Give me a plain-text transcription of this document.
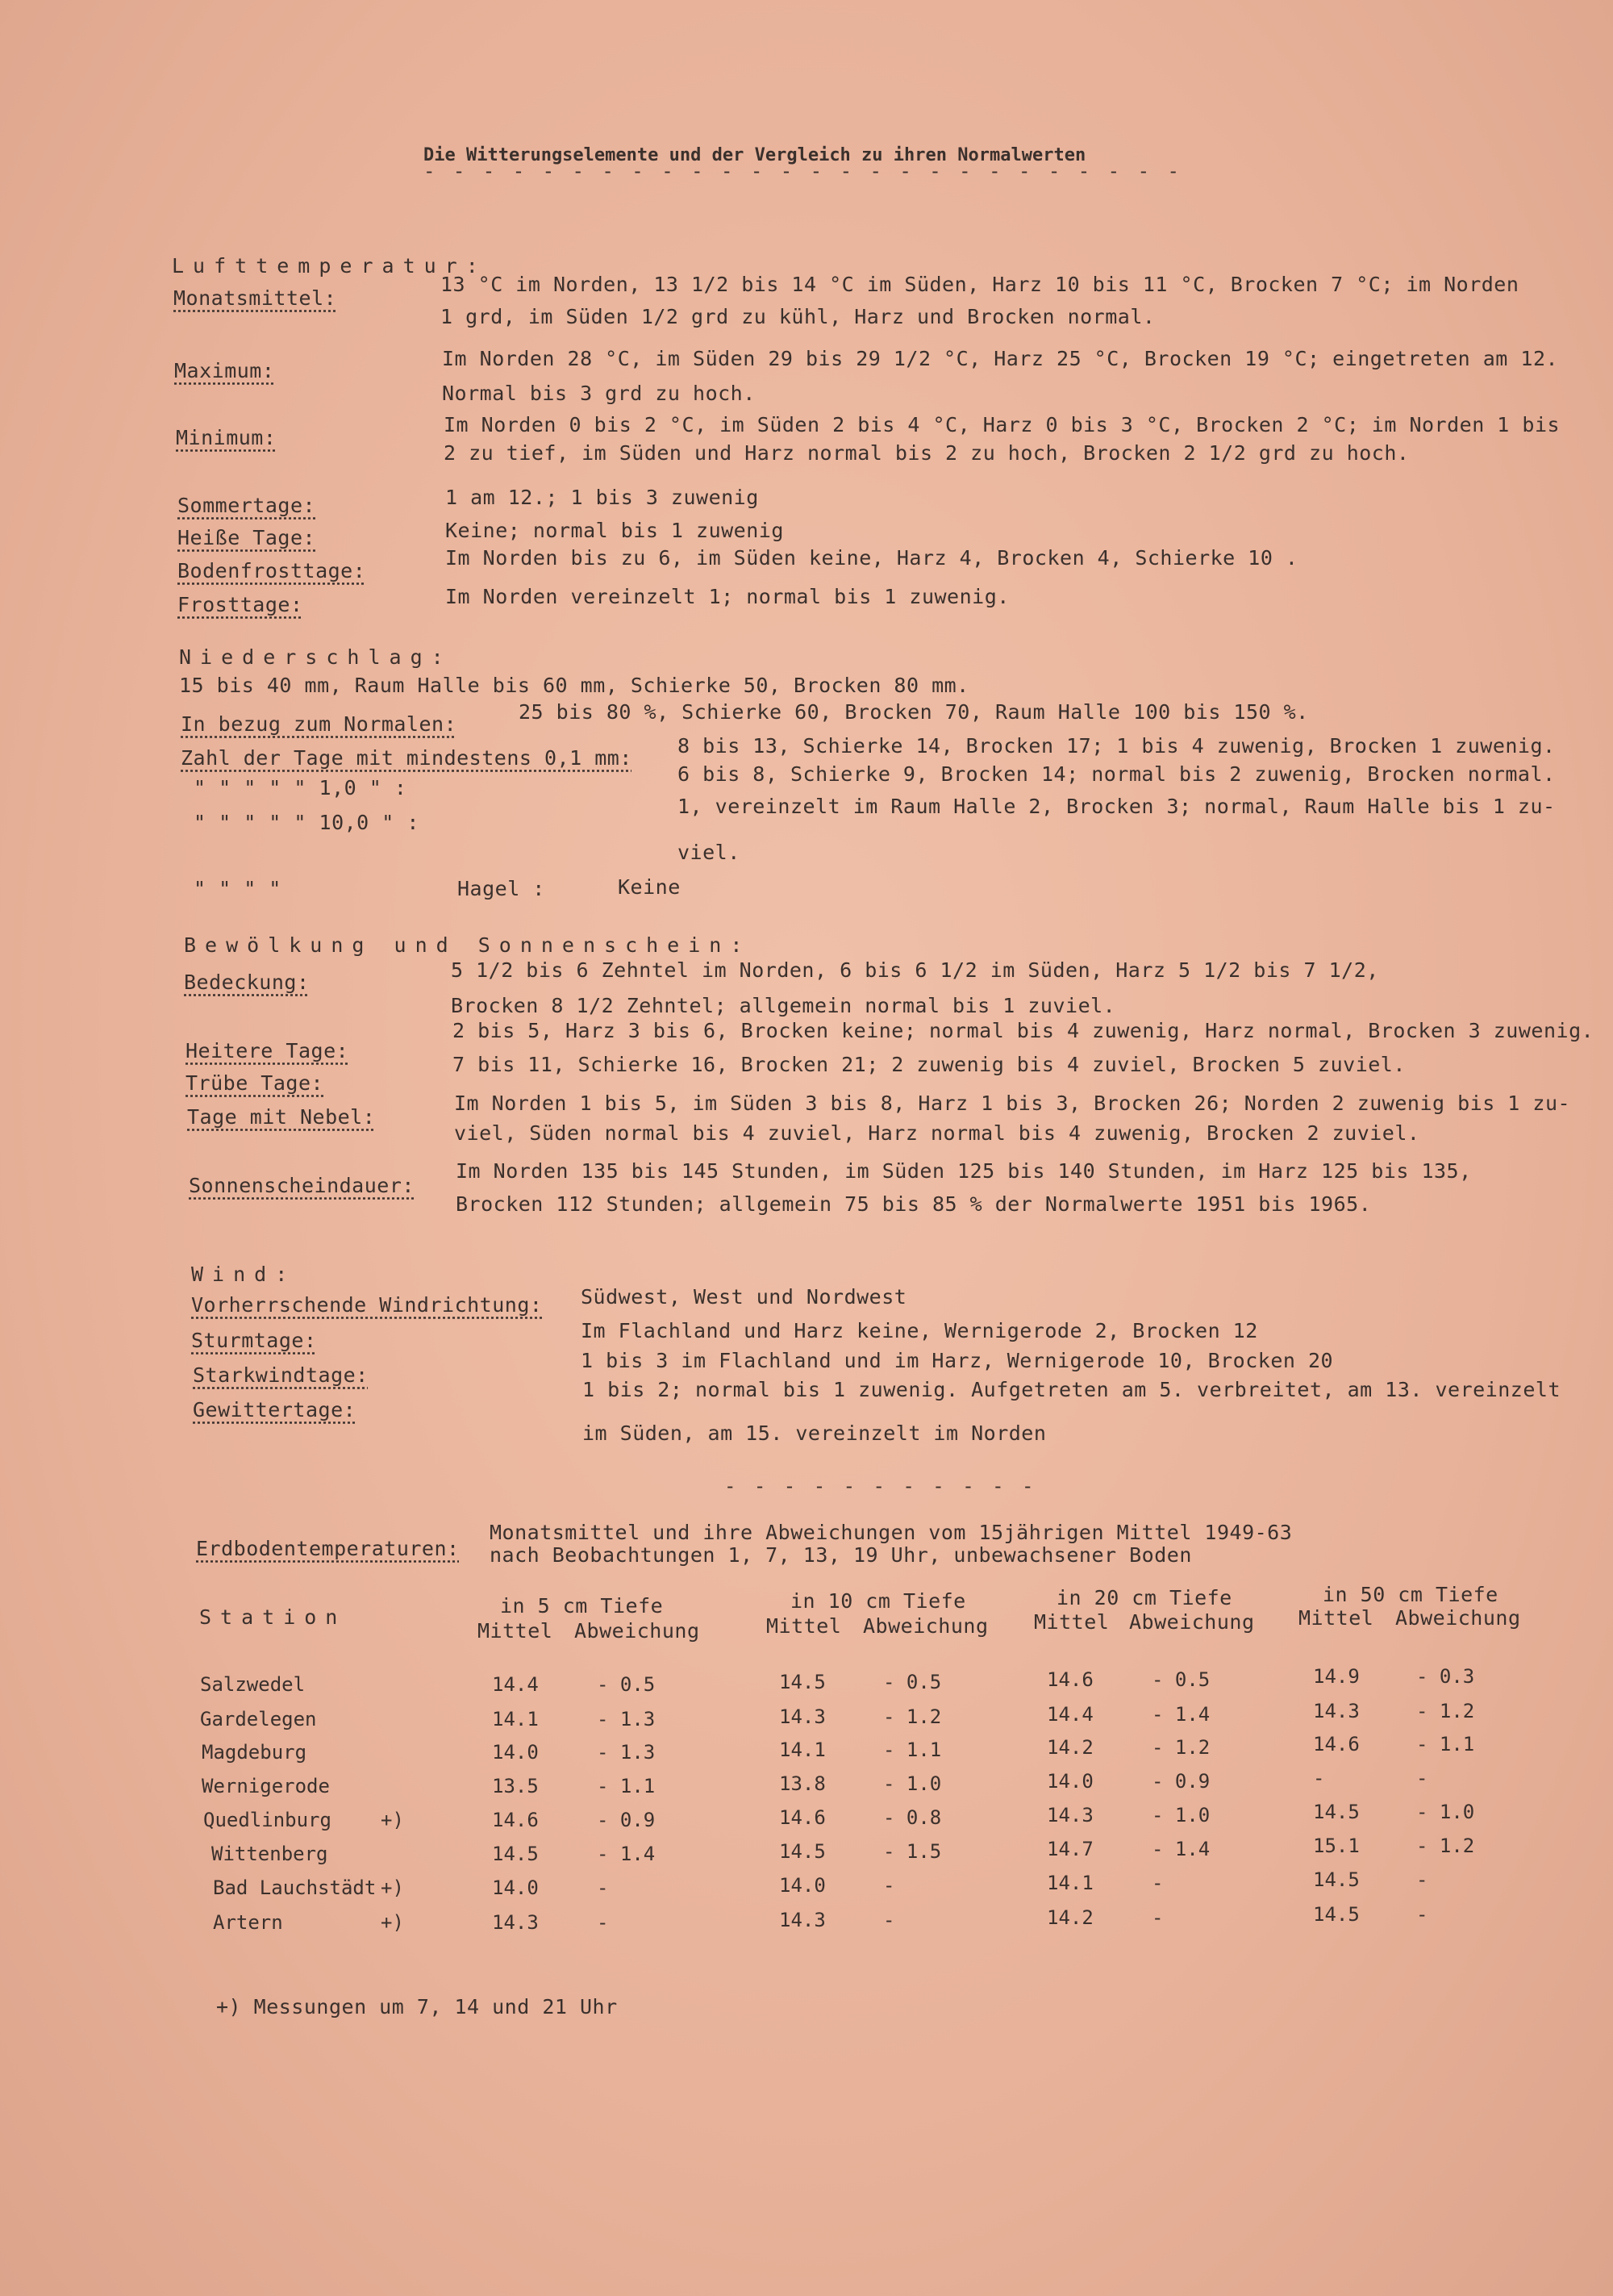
Die Witterungselemente und der Vergleich zu ihren Normalwerten
- - - - - - - - - - - - - - - - - - - - - - - - - -
Lufttemperatur:
Monatsmittel:
13 °C im Norden, 13 1/2 bis 14 °C im Süden, Harz 10 bis 11 °C, Brocken 7 °C; im Norden
1 grd, im Süden 1/2 grd zu kühl, Harz und Brocken normal.
Maximum:
Im Norden 28 °C, im Süden 29 bis 29 1/2 °C, Harz 25 °C, Brocken 19 °C; eingetreten am 12.
Normal bis 3 grd zu hoch.
Minimum:
Im Norden 0 bis 2 °C, im Süden 2 bis 4 °C, Harz 0 bis 3 °C, Brocken 2 °C; im Norden 1 bis
2 zu tief, im Süden und Harz normal bis 2 zu hoch, Brocken 2 1/2 grd zu hoch.
Sommertage:	1 am 12.; 1 bis 3 zuwenig
Heiße Tage:	Keine; normal bis 1 zuwenig
Bodenfrosttage:
Im Norden bis zu 6, im Süden keine, Harz 4, Brocken 4, Schierke 10 .
Frosttage:	Im Norden vereinzelt 1; normal bis 1 zuwenig.
Niederschlag:
15 bis 40 mm, Raum Halle bis 60 mm, Schierke 50, Brocken 80 mm.
In bezug zum Normalen:
25 bis 80 %, Schierke 60, Brocken 70, Raum Halle 100 bis 150 %.
Zahl der Tage mit mindestens 0,1 mm:
8 bis 13, Schierke 14, Brocken 17; 1 bis 4 zuwenig, Brocken 1 zuwenig.
" " " " " 1,0 " :
6 bis 8, Schierke 9, Brocken 14; normal bis 2 zuwenig, Brocken normal.
" " " " " 10,0 " :
1, vereinzelt im Raum Halle 2, Brocken 3; normal, Raum Halle bis 1 zu-
viel.
" " " "	Hagel :	Keine
Bewölkung und Sonnenschein:
Bedeckung:
5 1/2 bis 6 Zehntel im Norden, 6 bis 6 1/2 im Süden, Harz 5 1/2 bis 7 1/2,
Brocken 8 1/2 Zehntel; allgemein normal bis 1 zuviel.
Heitere Tage:
2 bis 5, Harz 3 bis 6, Brocken keine; normal bis 4 zuwenig, Harz normal, Brocken 3 zuwenig.
Trübe Tage:
7 bis 11, Schierke 16, Brocken 21; 2 zuwenig bis 4 zuviel, Brocken 5 zuviel.
Tage mit Nebel:
Im Norden 1 bis 5, im Süden 3 bis 8, Harz 1 bis 3, Brocken 26; Norden 2 zuwenig bis 1 zu-
viel, Süden normal bis 4 zuviel, Harz normal bis 4 zuwenig, Brocken 2 zuviel.
Sonnenscheindauer:
Im Norden 135 bis 145 Stunden, im Süden 125 bis 140 Stunden, im Harz 125 bis 135,
Brocken 112 Stunden; allgemein 75 bis 85 % der Normalwerte 1951 bis 1965.
Wind:
Vorherrschende Windrichtung: Südwest, West und Nordwest
Sturmtage:	Im Flachland und Harz keine, Wernigerode 2, Brocken 12
Starkwindtage:
1 bis 3 im Flachland und im Harz, Wernigerode 10, Brocken 20
Gewittertage:
1 bis 2; normal bis 1 zuwenig. Aufgetreten am 5. verbreitet, am 13. vereinzelt
im Süden, am 15. vereinzelt im Norden
- - - - - - - - - - -
Erdbodentemperaturen:
Monatsmittel und ihre Abweichungen vom 15jährigen Mittel 1949-63
nach Beobachtungen 1, 7, 13, 19 Uhr, unbewachsener Boden
Station	in 5 cm Tiefe
Mittel Abweichung
in 10 cm Tiefe
Mittel Abweichung
in 20 cm Tiefe
Mittel Abweichung
in 50 cm Tiefe
Mittel Abweichung
Salzwedel	14.4	- 0.5	14.5	- 0.5	14.6	- 0.5	14.9	- 0.3
Gardelegen	14.1	- 1.3	14.3	- 1.2	14.4	- 1.4	14.3	- 1.2
Magdeburg	14.0	- 1.3	14.1	- 1.1	14.2	- 1.2	14.6	- 1.1
Wernigerode	13.5	- 1.1	13.8	- 1.0	14.0	- 0.9	-	-
Quedlinburg	+)	14.6	- 0.9	14.6	- 0.8	14.3	- 1.0	14.5	- 1.0
Wittenberg	14.5	- 1.4	14.5	- 1.5	14.7	- 1.4	15.1	- 1.2
Bad Lauchstädt +)	14.0	-	14.0	-	14.1	-	14.5	-
Artern	+)	14.3	-	14.3	-	14.2	-	14.5	-
+) Messungen um 7, 14 und 21 Uhr
